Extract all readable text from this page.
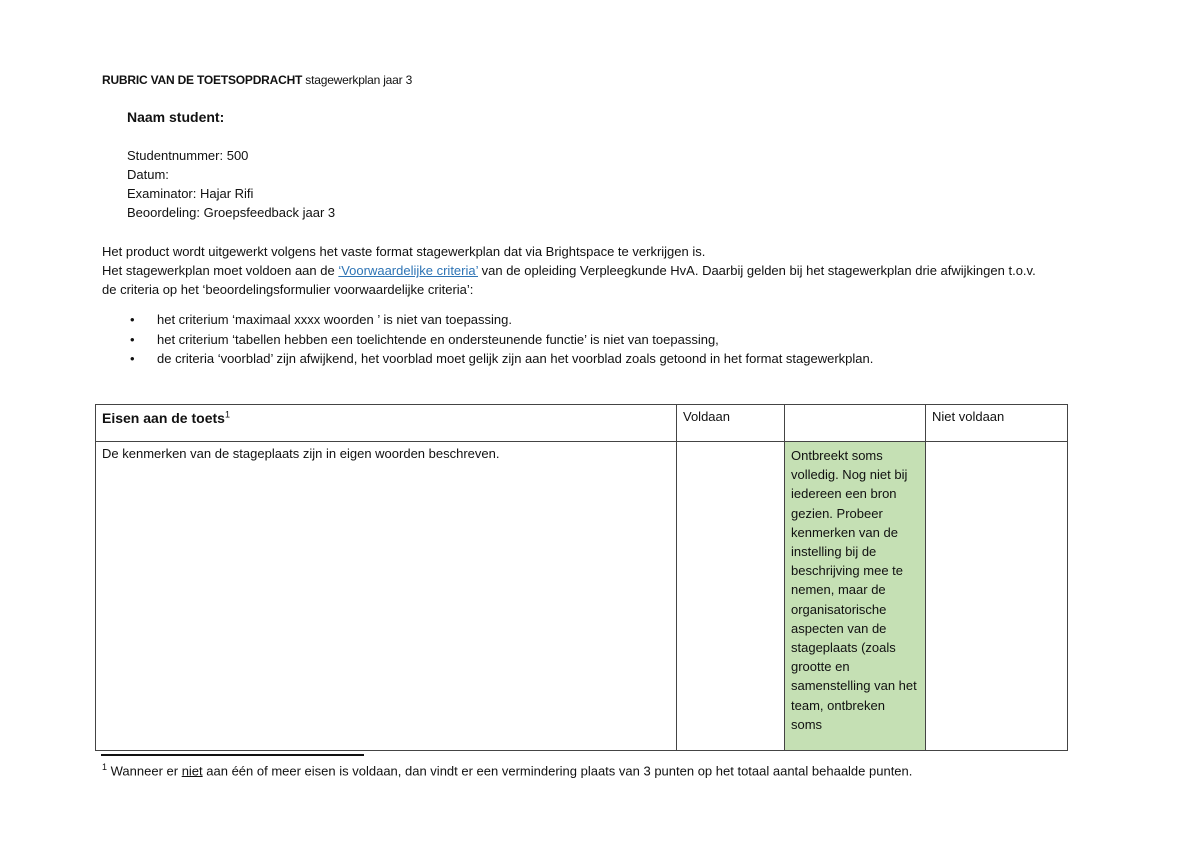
RUBRIC VAN DE TOETSOPDRACHT stagewerkplan jaar 3
Naam student:
Studentnummer: 500
Datum:
Examinator: Hajar Rifi
Beoordeling: Groepsfeedback jaar 3
Het product wordt uitgewerkt volgens het vaste format stagewerkplan dat via Brightspace te verkrijgen is.
Het stagewerkplan moet voldoen aan de ‘Voorwaardelijke criteria’ van de opleiding Verpleegkunde HvA. Daarbij gelden bij het stagewerkplan drie afwijkingen t.o.v.
de criteria op het ‘beoordelingsformulier voorwaardelijke criteria’:
•	het criterium ‘maximaal xxxx woorden ’ is niet van toepassing.
•	het criterium ‘tabellen hebben een toelichtende en ondersteunende functie’ is niet van toepassing,
•	de criteria ‘voorblad’ zijn afwijkend, het voorblad moet gelijk zijn aan het voorblad zoals getoond in het format stagewerkplan.
Eisen aan de toets$^1$	Voldaan		Niet voldaan
De kenmerken van de stageplaats zijn in eigen woorden beschreven.		Ontbreekt soms volledig. Nog niet bij iedereen een bron gezien. Probeer kenmerken van de instelling bij de beschrijving mee te nemen, maar de organisatorische aspecten van de stageplaats (zoals grootte en samenstelling van het team, ontbreken soms	

$^1$ Wanneer er niet aan één of meer eisen is voldaan, dan vindt er een vermindering plaats van 3 punten op het totaal aantal behaalde punten.
